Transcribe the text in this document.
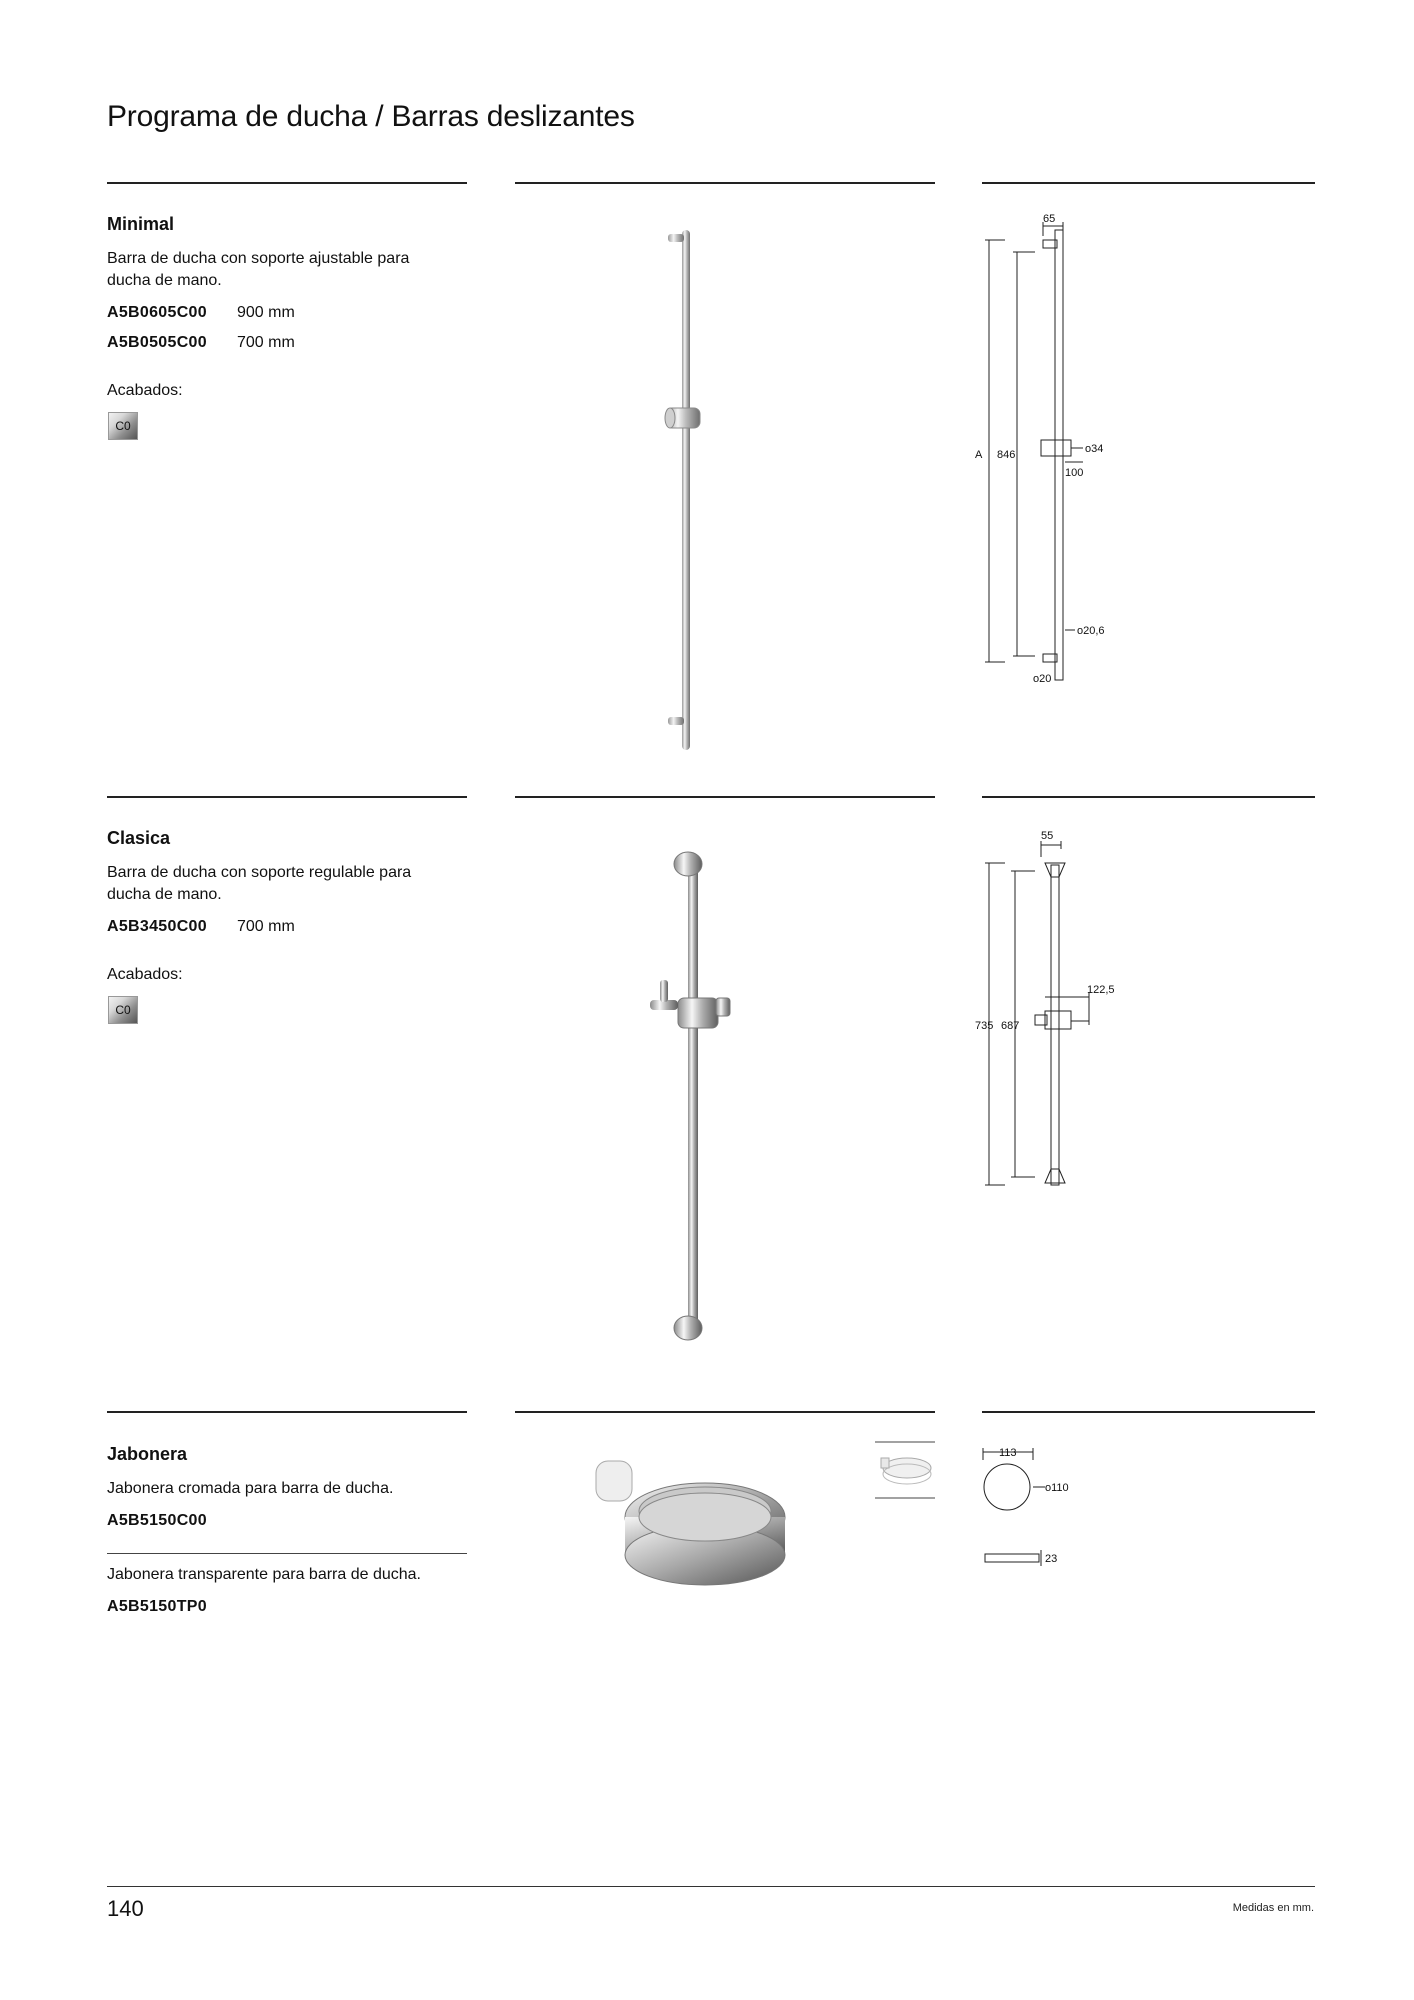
Programa de ducha / Barras deslizantes
Minimal
Barra de ducha con soporte ajustable para ducha de mano.
A5B0605C00 900 mm
A5B0505C00 700 mm
Acabados:
C0
65
A 846	o34
100
o20,6
o20
Clasica
Barra de ducha con soporte regulable para ducha de mano.
A5B3450C00 700 mm
Acabados:
C0
55
122,5
735 687
Jabonera
Jabonera cromada para barra de ducha.
A5B5150C00
Jabonera transparente para barra de ducha.
A5B5150TP0
113
o110
23
140	Medidas en mm.
